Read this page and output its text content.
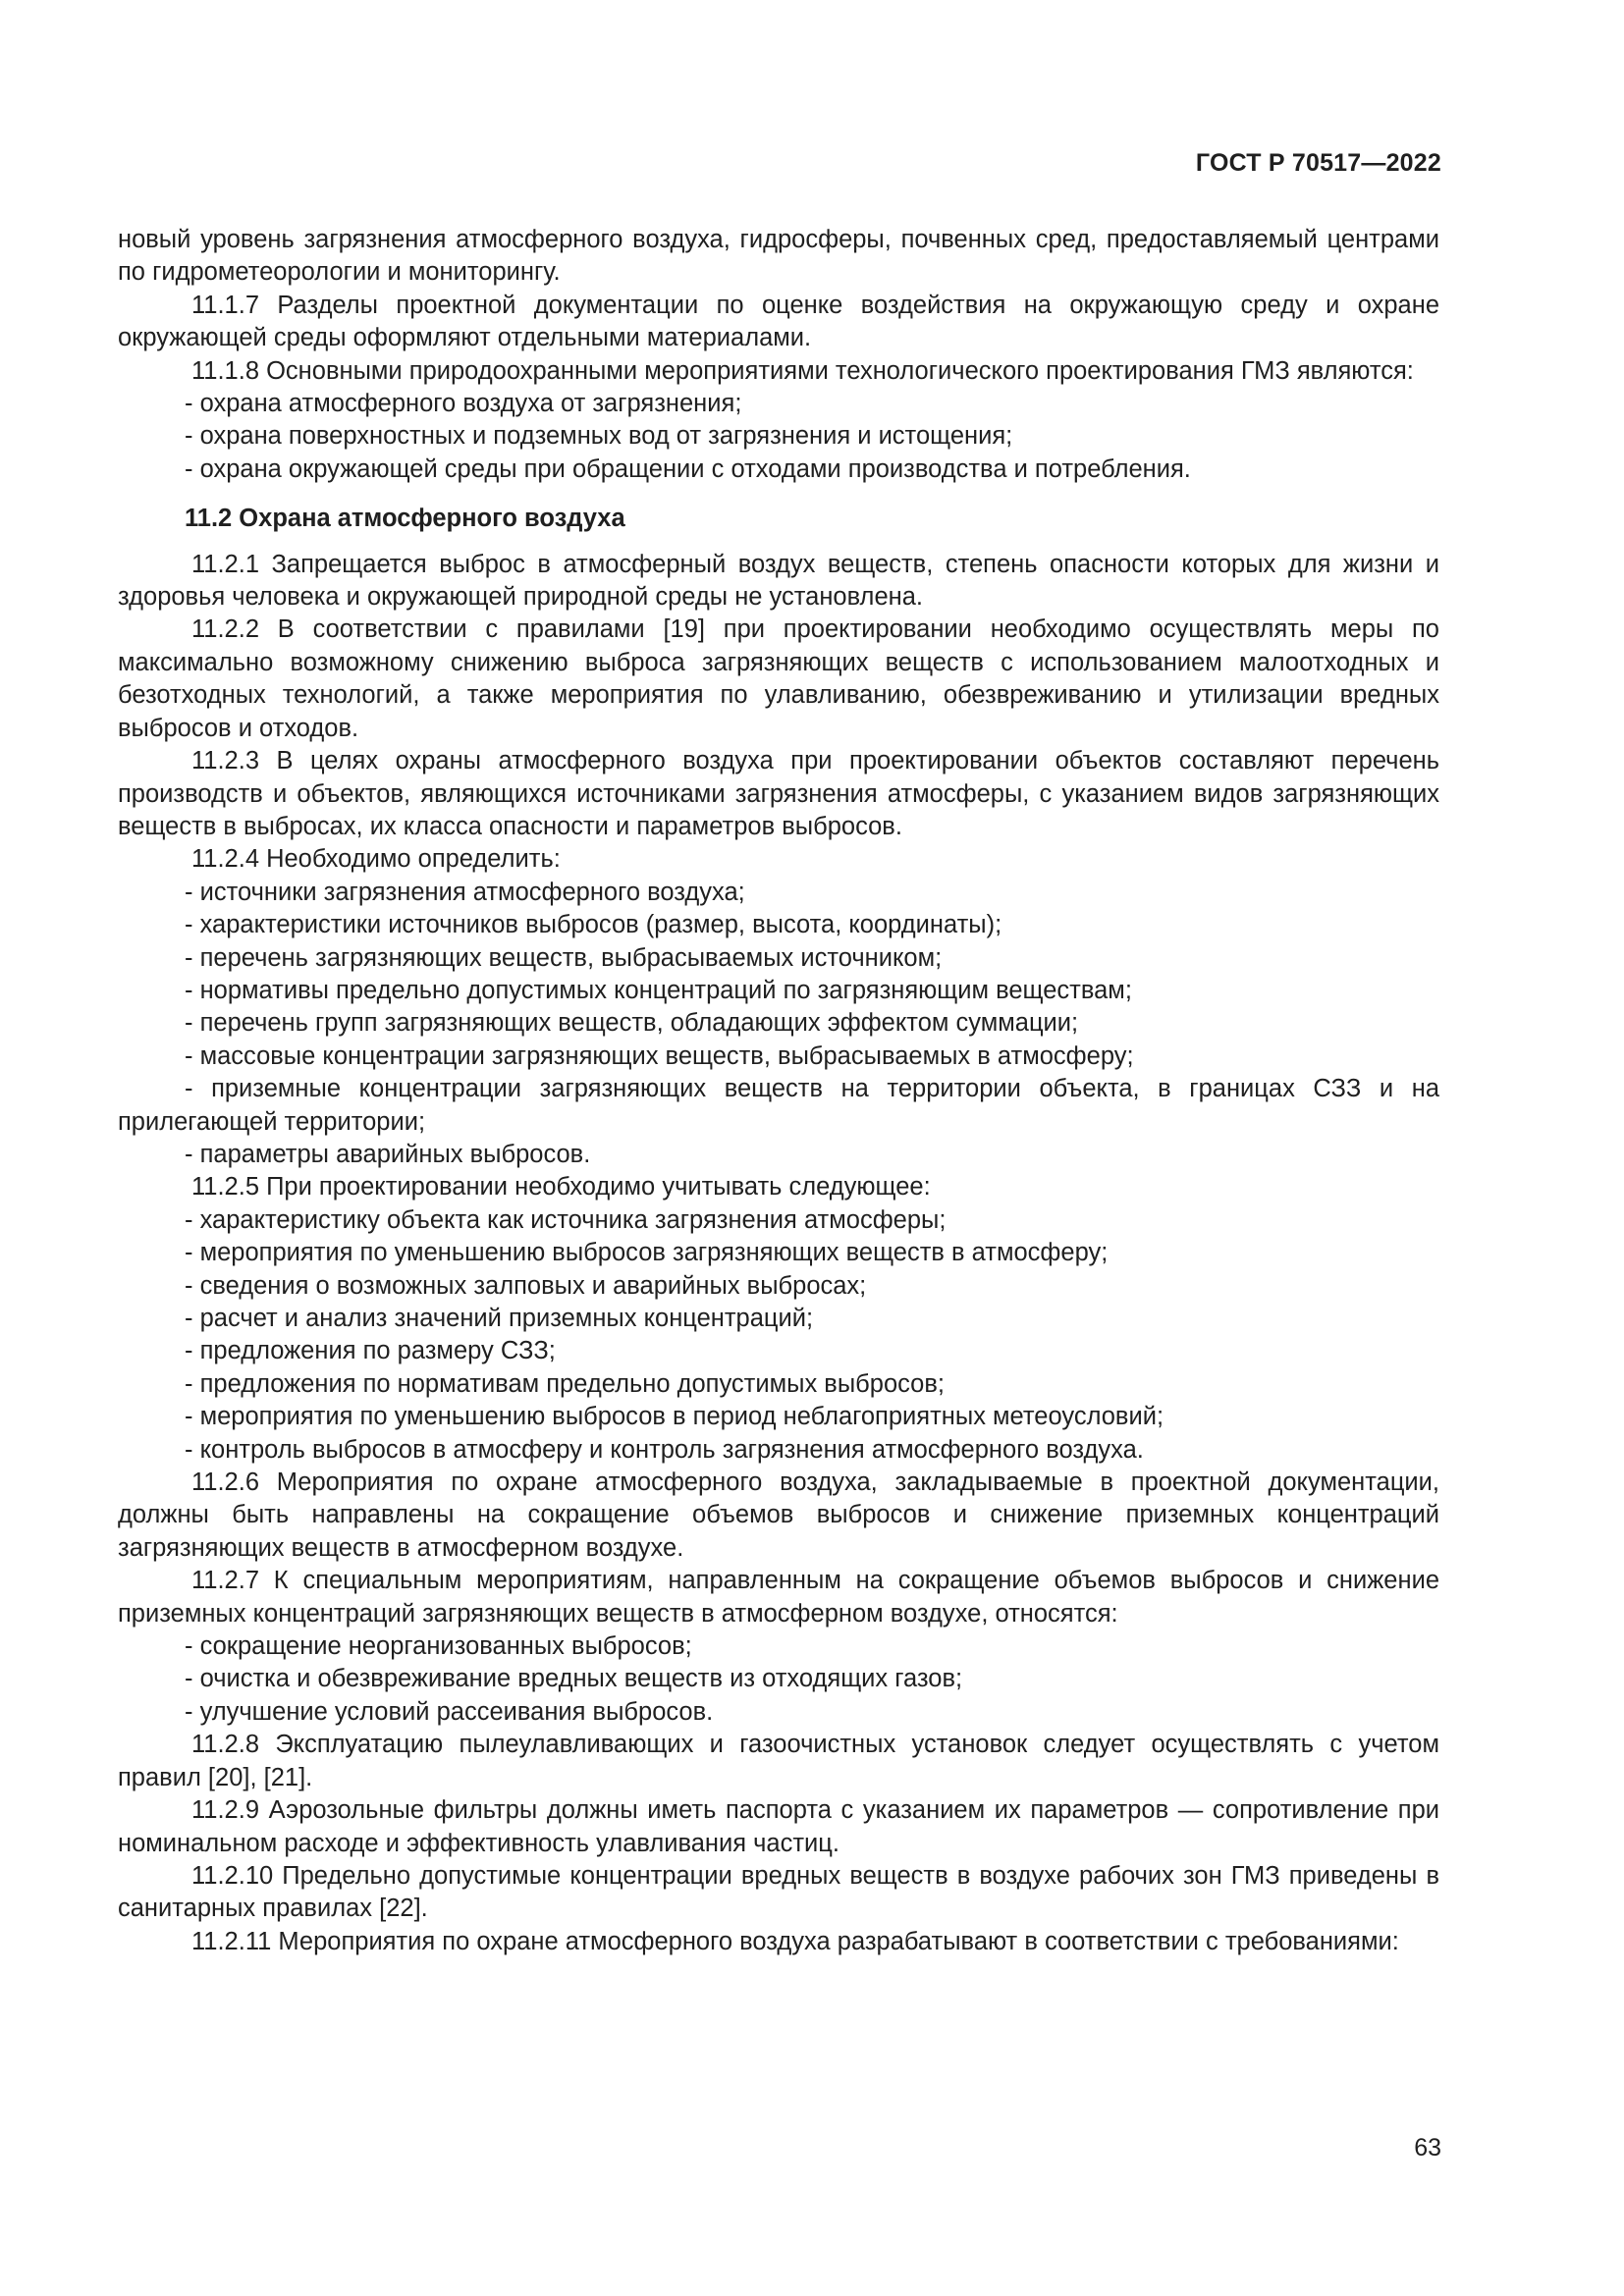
ГОСТ Р 70517—2022

новый уровень загрязнения атмосферного воздуха, гидросферы, почвенных сред, предоставляемый центрами по гидрометеорологии и мониторингу.

11.1.7 Разделы проектной документации по оценке воздействия на окружающую среду и охране окружающей среды оформляют отдельными материалами.

11.1.8 Основными природоохранными мероприятиями технологического проектирования ГМЗ являются:

- охрана атмосферного воздуха от загрязнения;

- охрана поверхностных и подземных вод от загрязнения и истощения;

- охрана окружающей среды при обращении с отходами производства и потребления.

11.2 Охрана атмосферного воздуха

11.2.1 Запрещается выброс в атмосферный воздух веществ, степень опасности которых для жизни и здоровья человека и окружающей природной среды не установлена.

11.2.2 В соответствии с правилами [19] при проектировании необходимо осуществлять меры по максимально возможному снижению выброса загрязняющих веществ с использованием малоотходных и безотходных технологий, а также мероприятия по улавливанию, обезвреживанию и утилизации вредных выбросов и отходов.

11.2.3 В целях охраны атмосферного воздуха при проектировании объектов составляют перечень производств и объектов, являющихся источниками загрязнения атмосферы, с указанием видов загрязняющих веществ в выбросах, их класса опасности и параметров выбросов.

11.2.4 Необходимо определить:

- источники загрязнения атмосферного воздуха;

- характеристики источников выбросов (размер, высота, координаты);

- перечень загрязняющих веществ, выбрасываемых источником;

- нормативы предельно допустимых концентраций по загрязняющим веществам;

- перечень групп загрязняющих веществ, обладающих эффектом суммации;

- массовые концентрации загрязняющих веществ, выбрасываемых в атмосферу;

- приземные концентрации загрязняющих веществ на территории объекта, в границах СЗЗ и на прилегающей территории;

- параметры аварийных выбросов.

11.2.5 При проектировании необходимо учитывать следующее:

- характеристику объекта как источника загрязнения атмосферы;

- мероприятия по уменьшению выбросов загрязняющих веществ в атмосферу;

- сведения о возможных залповых и аварийных выбросах;

- расчет и анализ значений приземных концентраций;

- предложения по размеру СЗЗ;

- предложения по нормативам предельно допустимых выбросов;

- мероприятия по уменьшению выбросов в период неблагоприятных метеоусловий;

- контроль выбросов в атмосферу и контроль загрязнения атмосферного воздуха.

11.2.6 Мероприятия по охране атмосферного воздуха, закладываемые в проектной документации, должны быть направлены на сокращение объемов выбросов и снижение приземных концентраций загрязняющих веществ в атмосферном воздухе.

11.2.7 К специальным мероприятиям, направленным на сокращение объемов выбросов и снижение приземных концентраций загрязняющих веществ в атмосферном воздухе, относятся:

- сокращение неорганизованных выбросов;

- очистка и обезвреживание вредных веществ из отходящих газов;

- улучшение условий рассеивания выбросов.

11.2.8 Эксплуатацию пылеулавливающих и газоочистных установок следует осуществлять с учетом правил [20], [21].

11.2.9 Аэрозольные фильтры должны иметь паспорта с указанием их параметров — сопротивление при номинальном расходе и эффективность улавливания частиц.

11.2.10 Предельно допустимые концентрации вредных веществ в воздухе рабочих зон ГМЗ приведены в санитарных правилах [22].

11.2.11 Мероприятия по охране атмосферного воздуха разрабатывают в соответствии с требованиями:

63
